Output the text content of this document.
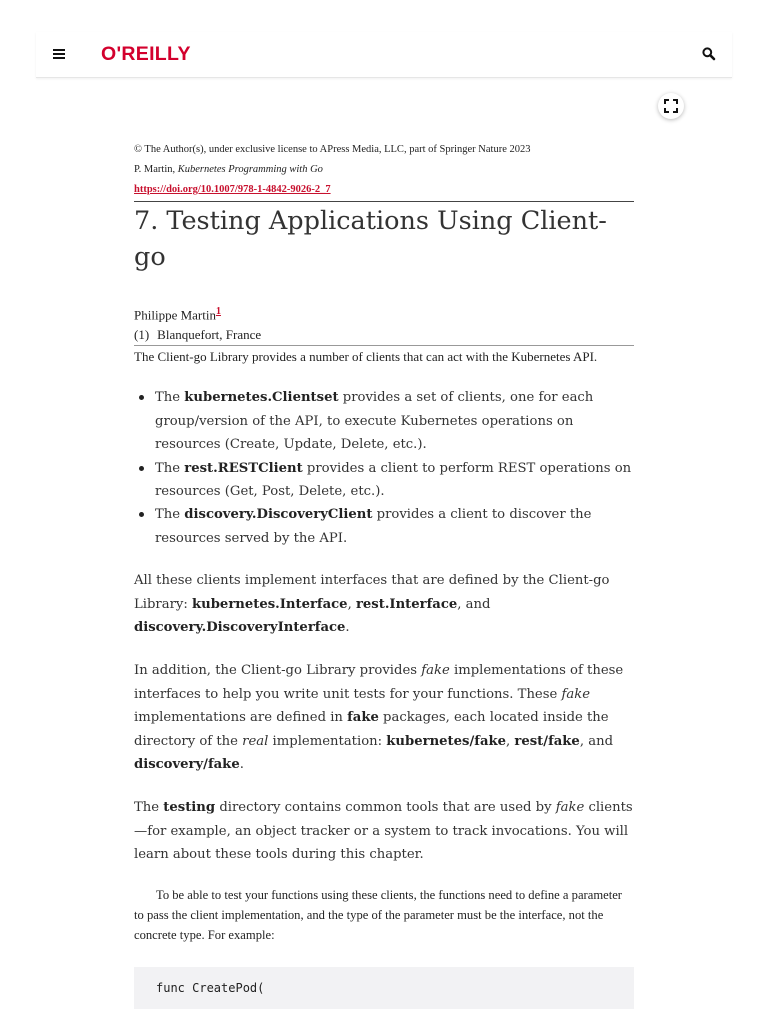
O'REILLY
© The Author(s), under exclusive license to APress Media, LLC, part of Springer Nature 2023
P. Martin, Kubernetes Programming with Go
https://doi.org/10.1007/978-1-4842-9026-2_7
7. Testing Applications Using Client-go
Philippe Martin$^1$
(1) Blanquefort, France

The Client-go Library provides a number of clients that can act with the Kubernetes API.

The kubernetes.Clientset provides a set of clients, one for each group/version of the API, to execute Kubernetes operations on resources (Create, Update, Delete, etc.).
The rest.RESTClient provides a client to perform REST operations on resources (Get, Post, Delete, etc.).
The discovery.DiscoveryClient provides a client to discover the resources served by the API.

All these clients implement interfaces that are defined by the Client-go Library: kubernetes.Interface, rest.Interface, and discovery.DiscoveryInterface.

In addition, the Client-go Library provides fake implementations of these interfaces to help you write unit tests for your functions. These fake implementations are defined in fake packages, each located inside the directory of the real implementation: kubernetes/fake, rest/fake, and discovery/fake.

The testing directory contains common tools that are used by fake clients—for example, an object tracker or a system to track invocations. You will learn about these tools during this chapter.

To be able to test your functions using these clients, the functions need to define a parameter to pass the client implementation, and the type of the parameter must be the interface, not the concrete type. For example:

func CreatePod(
